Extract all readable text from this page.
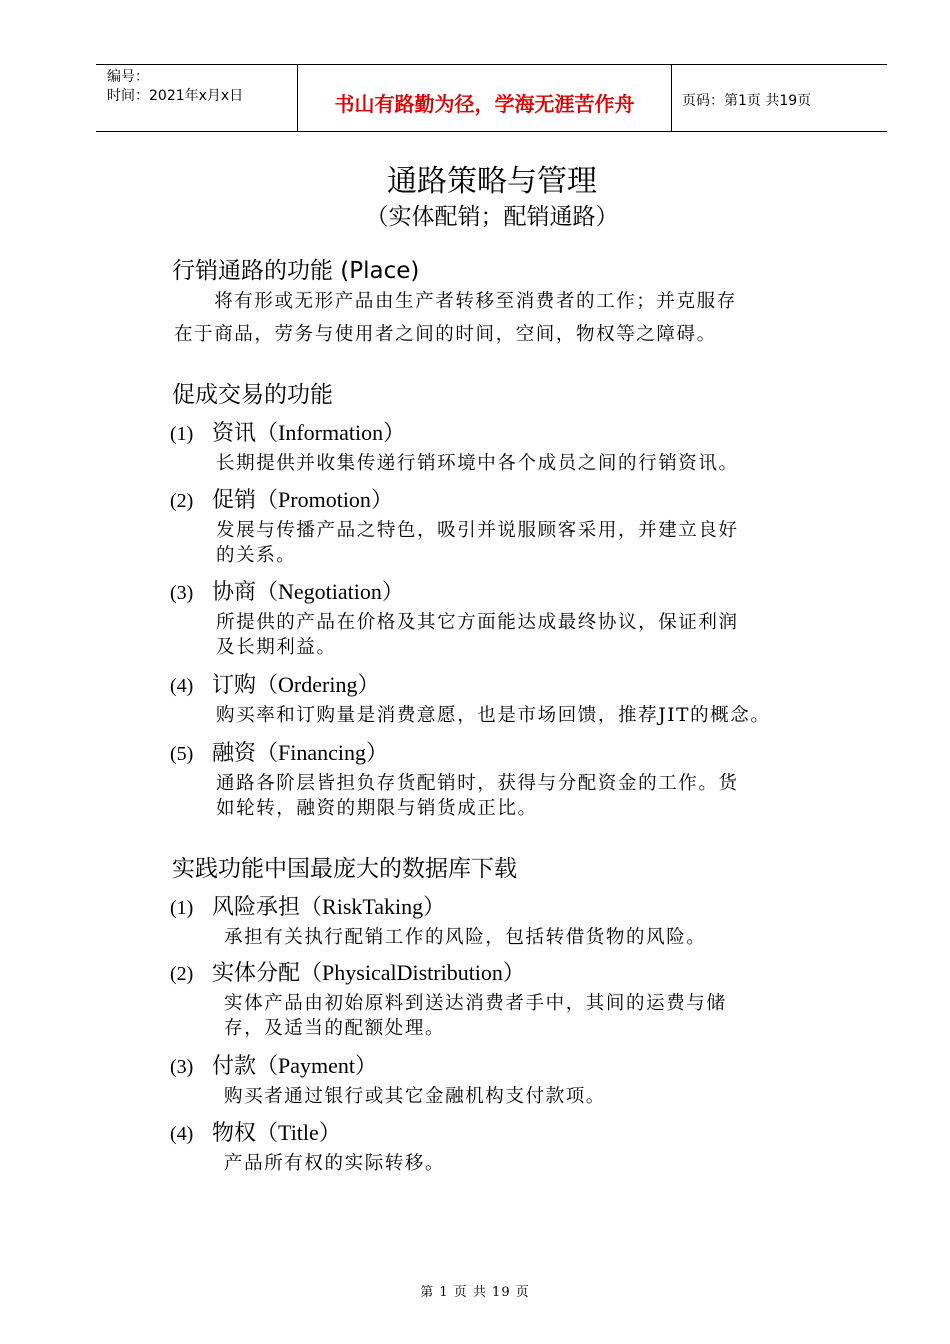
编号：
时间：2021年x月x日	书山有路勤为径，学海无涯苦作舟	页码：第1页 共19页
通路策略与管理
（实体配销；配销通路）
行销通路的功能 (Place)
　　将有形或无形产品由生产者转移至消费者的工作；并克服存
在于商品，劳务与使用者之间的时间，空间，物权等之障碍。
促成交易的功能
(1) 资讯（Information）
长期提供并收集传递行销环境中各个成员之间的行销资讯。
(2) 促销（Promotion）
发展与传播产品之特色，吸引并说服顾客采用，并建立良好
的关系。
(3) 协商（Negotiation）
所提供的产品在价格及其它方面能达成最终协议，保证利润
及长期利益。
(4) 订购（Ordering）
购买率和订购量是消费意愿，也是市场回馈，推荐JIT的概念。
(5) 融资（Financing）
通路各阶层皆担负存货配销时，获得与分配资金的工作。货
如轮转，融资的期限与销货成正比。
实践功能中国最庞大的数据库下载
(1) 风险承担（RiskTaking）
承担有关执行配销工作的风险，包括转借货物的风险。
(2) 实体分配（PhysicalDistribution）
实体产品由初始原料到送达消费者手中，其间的运费与储
存，及适当的配额处理。
(3) 付款（Payment）
购买者通过银行或其它金融机构支付款项。
(4) 物权（Title）
产品所有权的实际转移。
第 1 页 共 19 页
